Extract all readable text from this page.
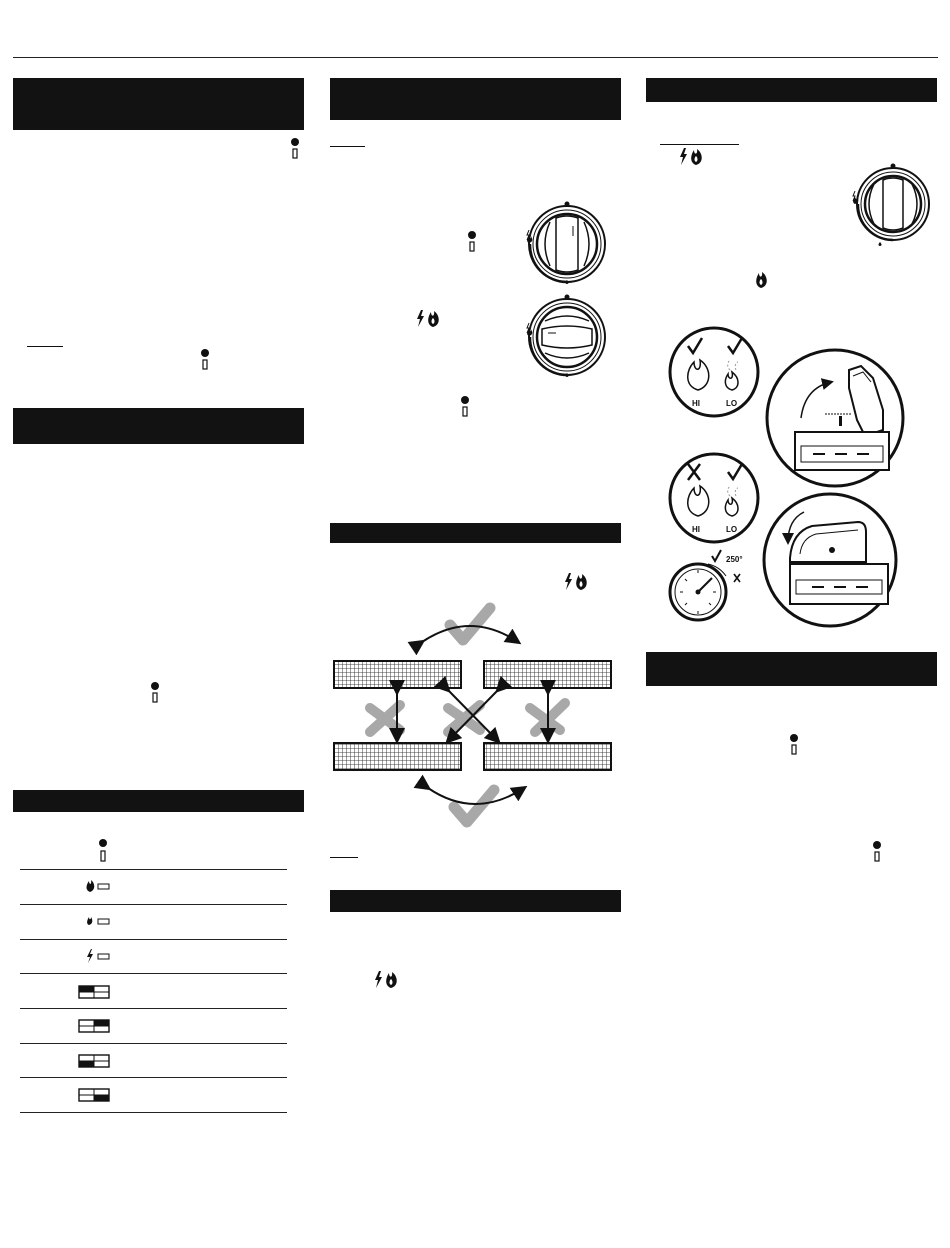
HI	LO
HI	LO
250°
